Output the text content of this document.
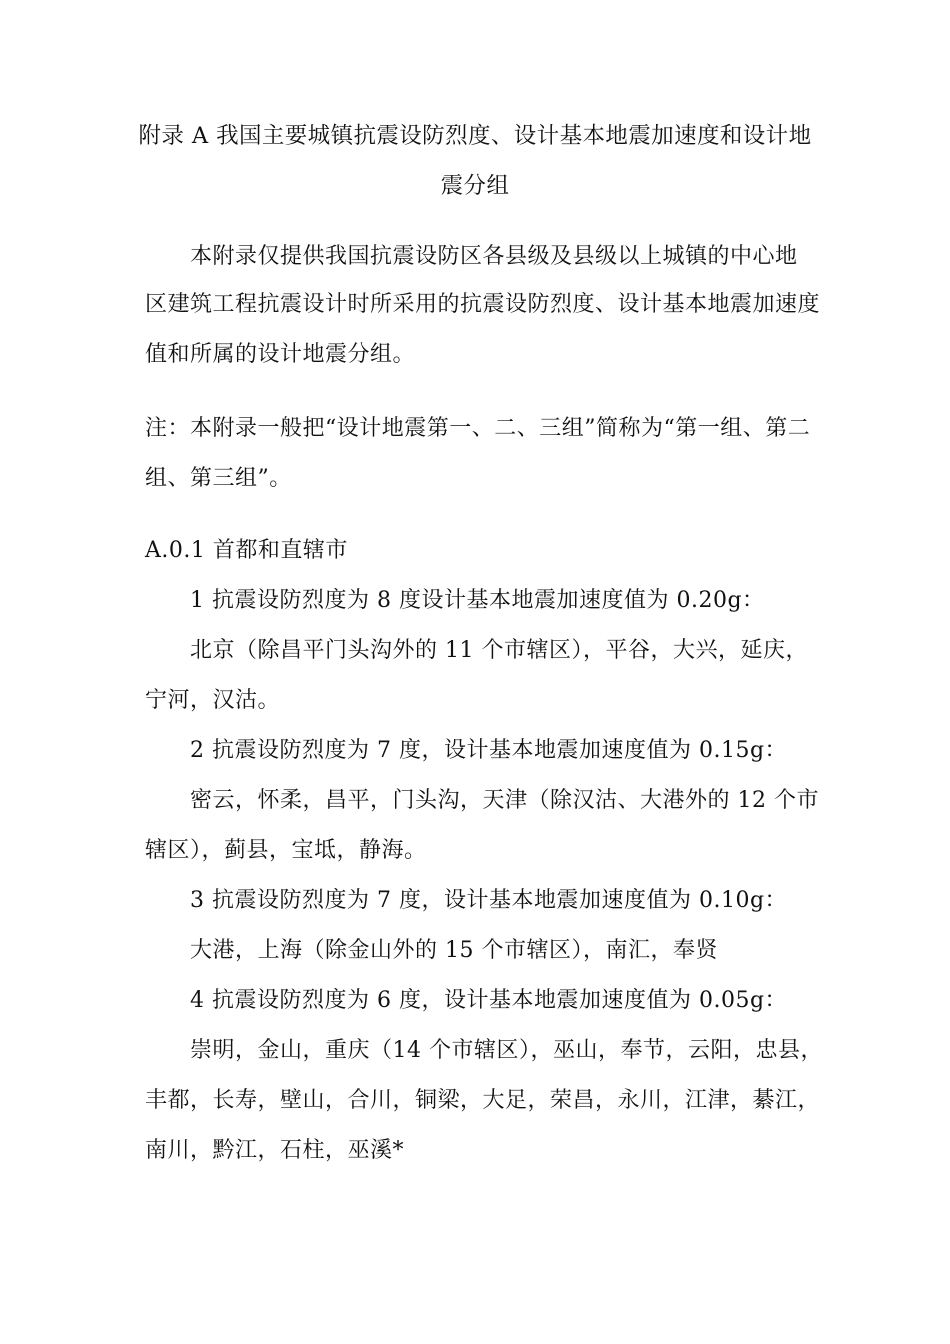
附录 A 我国主要城镇抗震设防烈度、设计基本地震加速度和设计地
震分组
本附录仅提供我国抗震设防区各县级及县级以上城镇的中心地
区建筑工程抗震设计时所采用的抗震设防烈度、设计基本地震加速度
值和所属的设计地震分组。
注：本附录一般把“设计地震第一、二、三组”简称为“第一组、第二
组、第三组”。
A.0.1 首都和直辖市
1 抗震设防烈度为 8 度设计基本地震加速度值为 0.20g：
北京（除昌平门头沟外的 11 个市辖区），平谷，大兴，延庆，
宁河，汉沽。
2 抗震设防烈度为 7 度，设计基本地震加速度值为 0.15g：
密云，怀柔，昌平，门头沟，天津（除汉沽、大港外的 12 个市
辖区），蓟县，宝坻，静海。
3 抗震设防烈度为 7 度，设计基本地震加速度值为 0.10g：
大港，上海（除金山外的 15 个市辖区），南汇，奉贤
4 抗震设防烈度为 6 度，设计基本地震加速度值为 0.05g：
崇明，金山，重庆（14 个市辖区），巫山，奉节，云阳，忠县，
丰都，长寿，壁山，合川，铜梁，大足，荣昌，永川，江津，綦江，
南川，黔江，石柱，巫溪*
